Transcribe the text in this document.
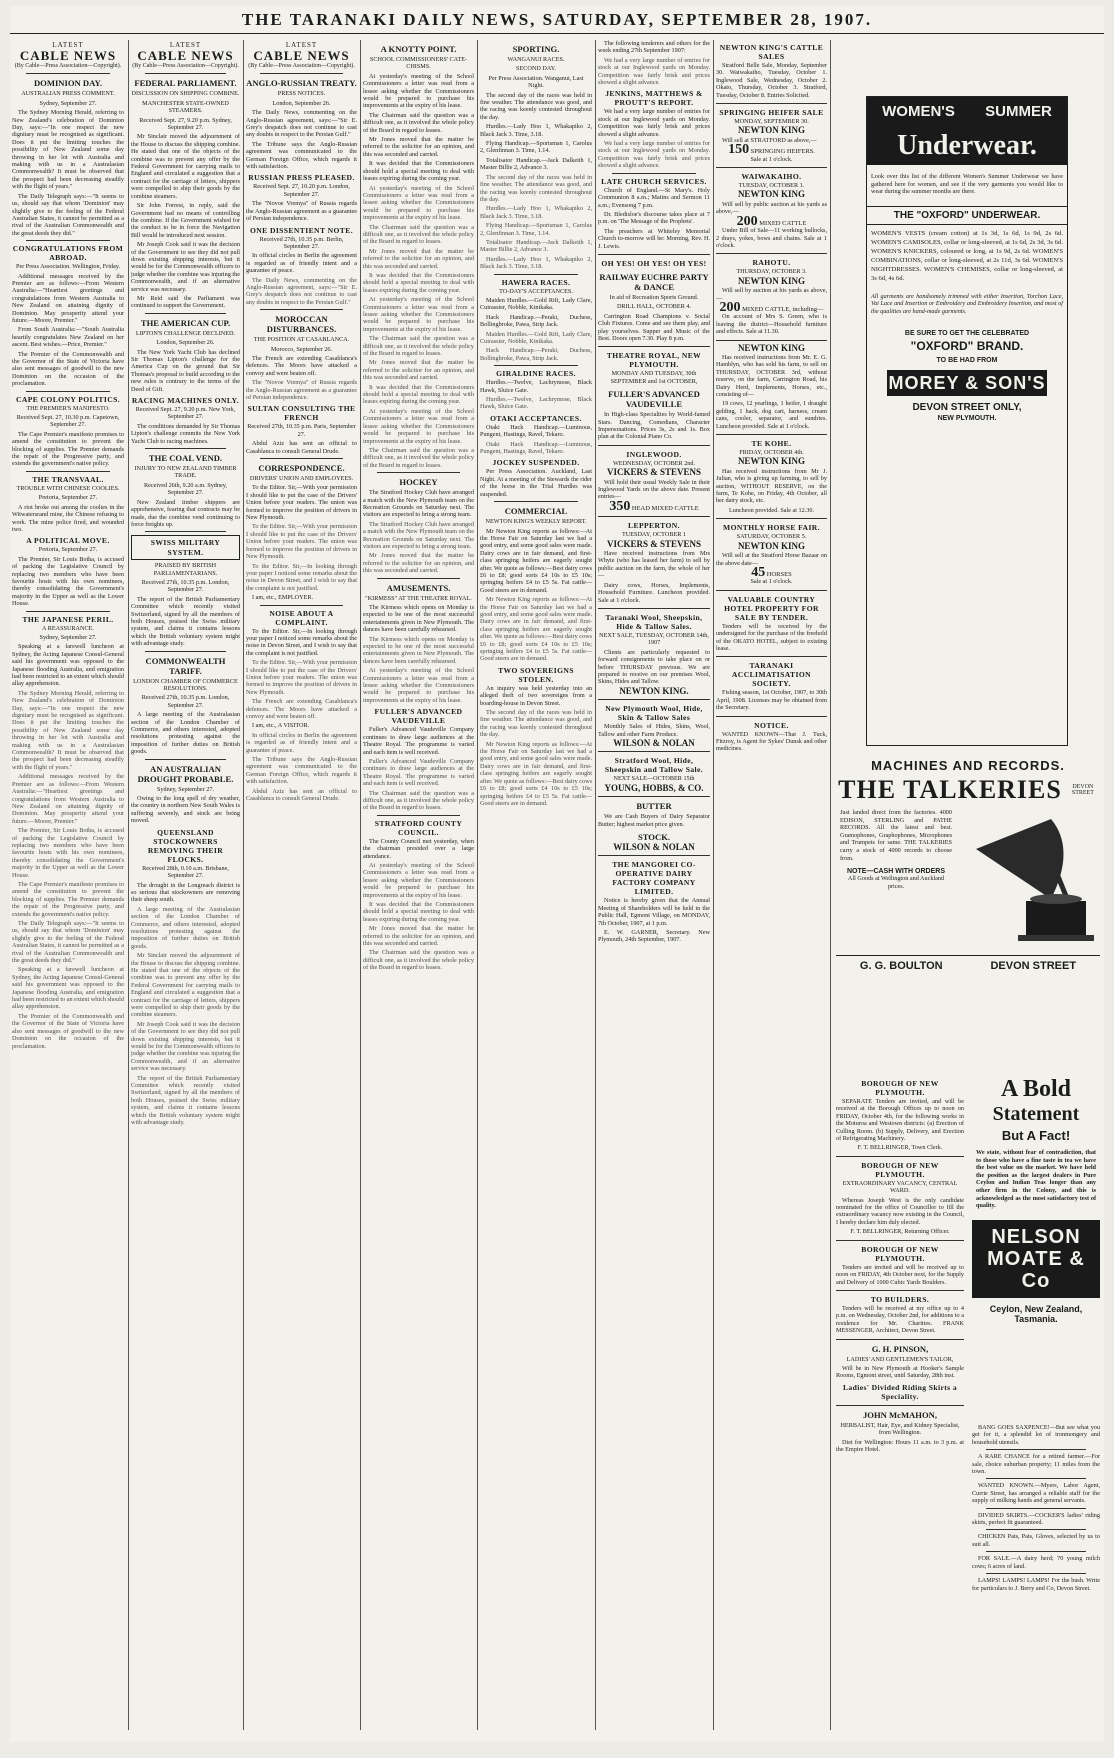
THE TARANAKI DAILY NEWS, SATURDAY, SEPTEMBER 28, 1907.
LATEST
CABLE NEWS
(By Cable—Press Association—Copyright).
DOMINION DAY.
AUSTRALIAN PRESS COMMENT.
Sydney, September 27.

The Sydney Morning Herald, referring to New Zealand's celebration of Dominion Day, says:—"In one respect the new dignitary must be recognised as significant. Does it put the limiting touches the possibility of New Zealand some day throwing in her lot with Australia and making with us in a Australasian Commonwealth? It must be observed that the prospect had been decreasing steadily with the flight of years."

The Daily Telegraph says:—"It seems to us, should say that whom 'Dominion' may slightly give to the feeling of the Federal Australian States, it cannot be permitted as a rival of the Australian Commonwealth and the great deeds they did."

CONGRATULATIONS FROM ABROAD.
Per Press Association. Wellington, Friday.

Additional messages received by the Premier are as follows:—From Western Australia:—"Heartiest greetings and congratulations from Western Australia to New Zealand on attaining dignity of Dominion. May prosperity attend your future.—Moore, Premier."

From South Australia:—"South Australia heartily congratulates New Zealand on her ascent. Best wishes.—Price, Premier."

The Premier of the Commonwealth and the Governor of the State of Victoria have also sent messages of goodwill to the new Dominion on the occasion of the proclamation.

CAPE COLONY POLITICS.
THE PREMIER'S MANIFESTO.
Received Sept. 27, 10.30 p.m. Capetown, September 27.

The Cape Premier's manifesto promises to amend the constitution to prevent the blocking of supplies. The Premier demands the repair of the Progressive party, and extends the government's native policy.

THE TRANSVAAL.
TROUBLE WITH CHINESE COOLIES.
Pretoria, September 27.

A riot broke out among the coolies in the Witwatersrand mine, the Chinese refusing to work. The mine police fired, and wounded two.

A POLITICAL MOVE.
Pretoria, September 27.

The Premier, Sir Louis Botha, is accused of packing the Legislative Council by replacing two members who have been favourite hosts with his own nominees, thereby consolidating the Government's majority in the Upper as well as the Lower House.

THE JAPANESE PERIL.
A REASSURANCE.
Sydney, September 27.

Speaking at a farewell luncheon at Sydney, the Acting Japanese Consul-General said his government was opposed to the Japanese flooding Australia, and emigration had been restricted to an extent which should allay apprehension.

The Sydney Morning Herald, referring to New Zealand's celebration of Dominion Day, says:—"In one respect the new dignitary must be recognised as significant. Does it put the limiting touches the possibility of New Zealand some day throwing in her lot with Australia and making with us in a Australasian Commonwealth? It must be observed that the prospect had been decreasing steadily with the flight of years."

Additional messages received by the Premier are as follows:—From Western Australia:—"Heartiest greetings and congratulations from Western Australia to New Zealand on attaining dignity of Dominion. May prosperity attend your future.—Moore, Premier."

The Premier, Sir Louis Botha, is accused of packing the Legislative Council by replacing two members who have been favourite hosts with his own nominees, thereby consolidating the Government's majority in the Upper as well as the Lower House.

The Cape Premier's manifesto promises to amend the constitution to prevent the blocking of supplies. The Premier demands the repair of the Progressive party, and extends the government's native policy.

The Daily Telegraph says:—"It seems to us, should say that whom 'Dominion' may slightly give to the feeling of the Federal Australian States, it cannot be permitted as a rival of the Australian Commonwealth and the great deeds they did."

Speaking at a farewell luncheon at Sydney, the Acting Japanese Consul-General said his government was opposed to the Japanese flooding Australia, and emigration had been restricted to an extent which should allay apprehension.

The Premier of the Commonwealth and the Governor of the State of Victoria have also sent messages of goodwill to the new Dominion on the occasion of the proclamation.

LATEST
CABLE NEWS
(By Cable—Press Association—Copyright).
FEDERAL PARLIAMENT.
DISCUSSION ON SHIPPING COMBINE.
MANCHESTER STATE-OWNED STEAMERS.
Received Sept. 27, 9.20 p.m. Sydney, September 27.

Mr Sinclair moved the adjournment of the House to discuss the shipping combine. He stated that one of the objects of the combine was to prevent any offer by the Federal Government for carrying mails to England and circulated a suggestion that a contract for the carriage of letters, shippers were compelled to ship their goods by the combine steamers.

Sir John Forrest, in reply, said the Government had no means of controlling the combine. If the Government wished for the conduct to be in force the Navigation Bill would be introduced next session.

Mr Joseph Cook said it was the decision of the Government to see they did not pull down existing shipping interests, but it would be for the Commonwealth officers to judge whether the combine was injuring the Commonwealth, and if an alternative service was necessary.

Mr Reid said the Parliament was continued to support the Government.

THE AMERICAN CUP.
LIPTON'S CHALLENGE DECLINED.
London, September 26.

The New York Yacht Club has declined Sir Thomas Lipton's challenge for the America Cup on the ground that Sir Thomas's proposal to build according to the new rules is contrary to the terms of the Deed of Gift.

RACING MACHINES ONLY.
Received Sept. 27, 9.20 p.m. New York, September 27.

The conditions demanded by Sir Thomas Lipton's challenge commits the New York Yacht Club to racing machines.

THE COAL VEND.
INJURY TO NEW ZEALAND TIMBER TRADE.
Received 26th, 9.20 a.m. Sydney, September 27.

New Zealand timber shippers are apprehensive, fearing that contracts may be made, due the combine vend continuing to force freights up.

SWISS MILITARY SYSTEM.
PRAISED BY BRITISH PARLIAMENTARIANS.
Received 27th, 10.35 p.m. London, September 27.

The report of the British Parliamentary Committee which recently visited Switzerland, signed by all the members of both Houses, praised the Swiss military system, and claims it contains lessons which the British voluntary system might with advantage study.

COMMONWEALTH TARIFF.
LONDON CHAMBER OF COMMERCE RESOLUTIONS.
Received 27th, 10.35 p.m. London, September 27.

A large meeting of the Australasian section of the London Chamber of Commerce, and others interested, adopted resolutions protesting against the imposition of further duties on British goods.

AN AUSTRALIAN DROUGHT PROBABLE.
Sydney, September 27.

Owing to the long spell of dry weather, the country in northern New South Wales is suffering severely, and stock are being moved.

QUEENSLAND STOCKOWNERS REMOVING THEIR FLOCKS.
Received 28th, 0.10 a.m. Brisbane, September 27.

The drought in the Longreach district is so serious that stockowners are removing their sheep south.

A large meeting of the Australasian section of the London Chamber of Commerce, and others interested, adopted resolutions protesting against the imposition of further duties on British goods.

Mr Sinclair moved the adjournment of the House to discuss the shipping combine. He stated that one of the objects of the combine was to prevent any offer by the Federal Government for carrying mails to England and circulated a suggestion that a contract for the carriage of letters, shippers were compelled to ship their goods by the combine steamers.

Mr Joseph Cook said it was the decision of the Government to see they did not pull down existing shipping interests, but it would be for the Commonwealth officers to judge whether the combine was injuring the Commonwealth, and if an alternative service was necessary.

The report of the British Parliamentary Committee which recently visited Switzerland, signed by all the members of both Houses, praised the Swiss military system, and claims it contains lessons which the British voluntary system might with advantage study.

LATEST
CABLE NEWS
(By Cable—Press Association—Copyright).
ANGLO-RUSSIAN TREATY.
PRESS NOTICES.
London, September 26.

The Daily News, commenting on the Anglo-Russian agreement, says:—"Sir E. Grey's despatch does not continue to cast any doubts in respect to the Persian Gulf."

The Tribune says the Anglo-Russian agreement was communicated to the German Foreign Office, which regards it with satisfaction.

RUSSIAN PRESS PLEASED.
Received Sept. 27, 10.20 p.m. London, September 27.

The "Novoe Vremya" of Russia regards the Anglo-Russian agreement as a guarantee of Persian independence.

ONE DISSENTIENT NOTE.
Received 27th, 10.35 p.m. Berlin, September 27.

In official circles in Berlin the agreement is regarded as of friendly intent and a guarantee of peace.

The Daily News, commenting on the Anglo-Russian agreement, says:—"Sir E. Grey's despatch does not continue to cast any doubts in respect to the Persian Gulf."

MOROCCAN DISTURBANCES.
THE POSITION AT CASABLANCA.
Morocco, September 26.

The French are extending Casablanca's defences. The Moors have attacked a convoy and were beaten off.

The "Novoe Vremya" of Russia regards the Anglo-Russian agreement as a guarantee of Persian independence.

SULTAN CONSULTING THE FRENCH
Received 27th, 10.35 p.m. Paris, September 27.

Abdul Aziz has sent an official to Casablanca to consult General Drude.

CORRESPONDENCE.
DRIVERS' UNION AND EMPLOYEES.

To the Editor. Sir,—With your permission I should like to put the case of the Drivers' Union before your readers. The union was formed to improve the position of drivers in New Plymouth.

To the Editor. Sir,—With your permission I should like to put the case of the Drivers' Union before your readers. The union was formed to improve the position of drivers in New Plymouth.

To the Editor. Sir,—In looking through your paper I noticed some remarks about the noise in Devon Street, and I wish to say that the complaint is not justified.

I am, etc., EMPLOYER.

NOISE ABOUT A COMPLAINT.

To the Editor. Sir,—In looking through your paper I noticed some remarks about the noise in Devon Street, and I wish to say that the complaint is not justified.

To the Editor. Sir,—With your permission I should like to put the case of the Drivers' Union before your readers. The union was formed to improve the position of drivers in New Plymouth.

The French are extending Casablanca's defences. The Moors have attacked a convoy and were beaten off.

I am, etc., A VISITOR.

In official circles in Berlin the agreement is regarded as of friendly intent and a guarantee of peace.

The Tribune says the Anglo-Russian agreement was communicated to the German Foreign Office, which regards it with satisfaction.

Abdul Aziz has sent an official to Casablanca to consult General Drude.

A KNOTTY POINT.
SCHOOL COMMISSIONERS' CATE-CHISMS.

At yesterday's meeting of the School Commissioners a letter was read from a lessee asking whether the Commissioners would be prepared to purchase his improvements at the expiry of his lease.

The Chairman said the question was a difficult one, as it involved the whole policy of the Board in regard to leases.

Mr Jones moved that the matter be referred to the solicitor for an opinion, and this was seconded and carried.

It was decided that the Commissioners should hold a special meeting to deal with leases expiring during the coming year.

At yesterday's meeting of the School Commissioners a letter was read from a lessee asking whether the Commissioners would be prepared to purchase his improvements at the expiry of his lease.

The Chairman said the question was a difficult one, as it involved the whole policy of the Board in regard to leases.

Mr Jones moved that the matter be referred to the solicitor for an opinion, and this was seconded and carried.

It was decided that the Commissioners should hold a special meeting to deal with leases expiring during the coming year.

At yesterday's meeting of the School Commissioners a letter was read from a lessee asking whether the Commissioners would be prepared to purchase his improvements at the expiry of his lease.

The Chairman said the question was a difficult one, as it involved the whole policy of the Board in regard to leases.

Mr Jones moved that the matter be referred to the solicitor for an opinion, and this was seconded and carried.

It was decided that the Commissioners should hold a special meeting to deal with leases expiring during the coming year.

At yesterday's meeting of the School Commissioners a letter was read from a lessee asking whether the Commissioners would be prepared to purchase his improvements at the expiry of his lease.

The Chairman said the question was a difficult one, as it involved the whole policy of the Board in regard to leases.

HOCKEY

The Stratford Hockey Club have arranged a match with the New Plymouth team on the Recreation Grounds on Saturday next. The visitors are expected to bring a strong team.

The Stratford Hockey Club have arranged a match with the New Plymouth team on the Recreation Grounds on Saturday next. The visitors are expected to bring a strong team.

Mr Jones moved that the matter be referred to the solicitor for an opinion, and this was seconded and carried.

AMUSEMENTS.
"KIRMESS" AT THE THEATRE ROYAL.

The Kirmess which opens on Monday is expected to be one of the most successful entertainments given in New Plymouth. The dances have been carefully rehearsed.

The Kirmess which opens on Monday is expected to be one of the most successful entertainments given in New Plymouth. The dances have been carefully rehearsed.

At yesterday's meeting of the School Commissioners a letter was read from a lessee asking whether the Commissioners would be prepared to purchase his improvements at the expiry of his lease.

FULLER'S ADVANCED VAUDEVILLE

Fuller's Advanced Vaudeville Company continues to draw large audiences at the Theatre Royal. The programme is varied and each item is well received.

Fuller's Advanced Vaudeville Company continues to draw large audiences at the Theatre Royal. The programme is varied and each item is well received.

The Chairman said the question was a difficult one, as it involved the whole policy of the Board in regard to leases.

STRATFORD COUNTY COUNCIL.

The County Council met yesterday, when the chairman presided over a large attendance.

At yesterday's meeting of the School Commissioners a letter was read from a lessee asking whether the Commissioners would be prepared to purchase his improvements at the expiry of his lease.

It was decided that the Commissioners should hold a special meeting to deal with leases expiring during the coming year.

Mr Jones moved that the matter be referred to the solicitor for an opinion, and this was seconded and carried.

The Chairman said the question was a difficult one, as it involved the whole policy of the Board in regard to leases.

SPORTING.
WANGANUI RACES.
SECOND DAY.
Per Press Association. Wanganui, Last Night.

The second day of the races was held in fine weather. The attendance was good, and the racing was keenly contested throughout the day.

Hurdles.—Lady Hoo 1, Whakapiko 2, Black Jack 3. Time, 3.18.

Flying Handicap.—Sportsman 1, Carolus 2, Glenfinnan 3. Time, 1.14.

Totalisator Handicap.—Jack Dalkeith 1, Master Billie 2, Advance 3.

The second day of the races was held in fine weather. The attendance was good, and the racing was keenly contested throughout the day.

Hurdles.—Lady Hoo 1, Whakapiko 2, Black Jack 3. Time, 3.18.

Flying Handicap.—Sportsman 1, Carolus 2, Glenfinnan 3. Time, 1.14.

Totalisator Handicap.—Jack Dalkeith 1, Master Billie 2, Advance 3.

Hurdles.—Lady Hoo 1, Whakapiko 2, Black Jack 3. Time, 3.18.

HAWERA RACES.
TO-DAY'S ACCEPTANCES.

Maiden Hurdles.—Gold Rift, Lady Clare, Cuirassier, Nobble, Kinikaka.

Hack Handicap.—Peraki, Duchess, Bollingbroke, Pawa, Strip Jack.

Maiden Hurdles.—Gold Rift, Lady Clare, Cuirassier, Nobble, Kinikaka.

Hack Handicap.—Peraki, Duchess, Bollingbroke, Pawa, Strip Jack.

GIRALDINE RACES.

Hurdles.—Twelve, Lachrymose, Black Hawk, Sluice Gate.

Hurdles.—Twelve, Lachrymose, Black Hawk, Sluice Gate.

OTAKI ACCEPTANCES.

Otaki Hack Handicap.—Luminous, Pungent, Hastings, Ravel, Tekaro.

Otaki Hack Handicap.—Luminous, Pungent, Hastings, Ravel, Tekaro.

JOCKEY SUSPENDED.

Per Press Association. Auckland, Last Night. At a meeting of the Stewards the rider of the horse in the Trial Hurdles was suspended.

COMMERCIAL
NEWTON KING'S WEEKLY REPORT.

Mr Newton King reports as follows:—At the Horse Fair on Saturday last we had a good entry, and some good sales were made. Dairy cows are in fair demand, and first-class springing heifers are eagerly sought after. We quote as follows:—Best dairy cows £6 to £8; good sorts £4 10s to £5 10s; springing heifers £4 to £5 5s. Fat cattle—Good steers are in demand.

Mr Newton King reports as follows:—At the Horse Fair on Saturday last we had a good entry, and some good sales were made. Dairy cows are in fair demand, and first-class springing heifers are eagerly sought after. We quote as follows:—Best dairy cows £6 to £8; good sorts £4 10s to £5 10s; springing heifers £4 to £5 5s. Fat cattle—Good steers are in demand.

TWO SOVEREIGNS STOLEN.

An inquiry was held yesterday into an alleged theft of two sovereigns from a boarding-house in Devon Street.

The second day of the races was held in fine weather. The attendance was good, and the racing was keenly contested throughout the day.

Mr Newton King reports as follows:—At the Horse Fair on Saturday last we had a good entry, and some good sales were made. Dairy cows are in fair demand, and first-class springing heifers are eagerly sought after. We quote as follows:—Best dairy cows £6 to £8; good sorts £4 10s to £5 10s; springing heifers £4 to £5 5s. Fat cattle—Good steers are in demand.

The following tenderers and others for the week ending 27th September 1907:

We had a very large number of entries for stock at our Inglewood yards on Monday. Competition was fairly brisk and prices showed a slight advance.

JENKINS, MATTHEWS & PROUTT'S REPORT.

We had a very large number of entries for stock at our Inglewood yards on Monday. Competition was fairly brisk and prices showed a slight advance.

We had a very large number of entries for stock at our Inglewood yards on Monday. Competition was fairly brisk and prices showed a slight advance.

LATE CHURCH SERVICES.

Church of England.—St Mary's. Holy Communion 8 a.m.; Matins and Sermon 11 a.m.; Evensong 7 p.m.

Dr. Bledisloe's discourse takes place at 7 p.m. on 'The Message of the Prophets'.

The preachers at Whiteley Memorial Church to-morrow will be: Morning, Rev. H. J. Lewis.

OH YES! OH YES! OH YES!
RAILWAY EUCHRE PARTY & DANCE
In aid of Recreation Sports Ground.
DRILL HALL, OCTOBER 4.

Carrington Road Champions v. Social Club Fixtures. Come and see them play, and play yourselves. Supper and Music of the Best. Doors open 7.30. Play 8 p.m.

THEATRE ROYAL, NEW PLYMOUTH.
MONDAY AND TUESDAY, 30th SEPTEMBER and 1st OCTOBER,
FULLER'S ADVANCED VAUDEVILLE

In High-class Specialties by World-famed Stars. Dancing, Comedians, Character Impersonations. Prices 3s, 2s and 1s. Box plan at the Colonial Piano Co.

INGLEWOOD.
WEDNESDAY, OCTOBER 2nd.
VICKERS & STEVENS

Will hold their usual Weekly Sale in their Inglewood Yards on the above date. Present entries—

350 HEAD MIXED CATTLE
LEPPERTON.
TUESDAY, OCTOBER 1
VICKERS & STEVENS

Have received instructions from Mrs Whyte (who has leased her farm) to sell by public auction on the farm, the whole of her—

Dairy cows, Horses, Implements, Household Furniture. Luncheon provided. Sale at 1 o'clock.

Taranaki Wool, Sheepskin, Hide & Tallow Sales.
NEXT SALE, TUESDAY, OCTOBER 14th, 1907

Clients are particularly requested to forward consignments to take place on or before THURSDAY previous. We are prepared to receive on our premises Wool, Skins, Hides and Tallow.

NEWTON KING.
New Plymouth Wool, Hide, Skin & Tallow Sales

Monthly Sales of Hides, Skins, Wool, Tallow and other Farm Produce.

WILSON & NOLAN
Stratford Wool, Hide, Sheepskin and Tallow Sale.
NEXT SALE—OCTOBER 15th
YOUNG, HOBBS, & CO.
BUTTER

We are Cash Buyers of Dairy Separator Butter; highest market price given.

STOCK.
WILSON & NOLAN
THE MANGOREI CO-OPERATIVE DAIRY FACTORY COMPANY LIMITED.

Notice is hereby given that the Annual Meeting of Shareholders will be held in the Public Hall, Egmont Village, on MONDAY, 7th October, 1907, at 1 p.m.

E. W. GARNER, Secretary. New Plymouth, 24th September, 1907.

NEWTON KING'S CATTLE SALES

Stratford Belle Sale, Monday, September 30. Waiwakaiho, Tuesday, October 1. Inglewood Sale, Wednesday, October 2. Okato, Thursday, October 3. Stratford, Tuesday, October 8. Entries Solicited.

SPRINGING HEIFER SALE
MONDAY, SEPTEMBER 30.
NEWTON KING

Will sell at STRATFORD as above,—

150 SPRINGING HEIFERS.
Sale at 1 o'clock.
WAIWAKAIHO.
TUESDAY, OCTOBER 1.
NEWTON KING

Will sell by public auction at his yards as above,—

200 MIXED CATTLE

Under Bill of Sale—11 working bullocks, 2 drays, yokes, bows and chains. Sale at 1 o'clock.

RAHOTU.
THURSDAY, OCTOBER 3.
NEWTON KING

Will sell by auction at his yards as above,—

200 MIXED CATTLE, including—

On account of Mrs S. Green, who is leaving the district—Household furniture and effects. Sale at 11.30.

NEWTON KING

Has received instructions from Mr. E. G. Hamblyn, who has sold his farm, to sell on THURSDAY, OCTOBER 3rd, without reserve, on the farm, Carrington Road, his Dairy Herd, Implements, Horses, etc., consisting of—

19 cows, 12 yearlings, 1 heifer, 1 draught gelding, 1 hack, dog cart, harness, cream cans, cooler, separator, and sundries. Luncheon provided. Sale at 1 o'clock.

TE KOHE.
FRIDAY, OCTOBER 4th.
NEWTON KING

Has received instructions from Mr J. Julian, who is giving up farming, to sell by auction, WITHOUT RESERVE, on the farm, Te Kohe, on Friday, 4th October, all her dairy stock, etc.

Luncheon provided. Sale at 12.30.
MONTHLY HORSE FAIR.
SATURDAY, OCTOBER 5.
NEWTON KING

Will sell at the Stratford Horse Bazaar on the above date—

45 HORSES
Sale at 1 o'clock.
VALUABLE COUNTRY HOTEL PROPERTY FOR SALE BY TENDER.

Tenders will be received by the undersigned for the purchase of the freehold of the OKATO HOTEL, subject to existing lease.

TARANAKI ACCLIMATISATION SOCIETY.

Fishing season, 1st October, 1907, to 30th April, 1908. Licenses may be obtained from the Secretary.

NOTICE.

WANTED KNOWN—That J. Tuck, Fitzroy, is Agent for Sykes' Dunsk and other medicines.

WOMEN'S SUMMER
Underwear.
Look over this list of the different Women's Summer Underwear we have gathered here for women, and see if the very garments you would like to wear during the summer months are there.
THE "OXFORD" UNDERWEAR.
WOMEN'S VESTS (cream cotton) at 1s 3d, 1s 6d, 1s 9d, 2s 6d. WOMEN'S CAMISOLES, collar or long-sleeved, at 1s 6d, 2s 3d, 3s 6d. WOMEN'S KNICKERS, coloured or long, at 1s 9d, 2s 6d. WOMEN'S COMBINATIONS, collar or long-sleeved, at 2s 11d, 3s 6d. WOMEN'S NIGHTDRESSES. WOMEN'S CHEMISES, collar or long-sleeved, at 3s 6d, 4s 6d.
All garments are handsomely trimmed with either Insertion, Torchon Lace, Vai Lace and Insertion or Embroidery and Embroidery Insertion, and most of the qualities are hand-made garments.
BE SURE TO GET THE CELEBRATED
"OXFORD" BRAND.
TO BE HAD FROM
MOREY & SON'S
DEVON STREET ONLY,
NEW PLYMOUTH.
MACHINES AND RECORDS.
THE TALKERIES	DEVON STREET
Just landed direct from the factories. 4000 EDISON, STERLING and PATHE RECORDS. All the latest and best. Gramophones, Graphophones, Microphones and Trumpets for same. THE TALKERIES carry a stock of 4000 records to choose from.
NOTE—CASH WITH ORDERS
All Goods at Wellington and Auckland prices.
G. G. BOULTON	DEVON STREET
BOROUGH OF NEW PLYMOUTH.

SEPARATE Tenders are invited, and will be received at the Borough Offices up to noon on FRIDAY, October 4th, for the following works in the Moturoa and Westown districts: (a) Erection of Culling Room. (b) Supply, Delivery, and Erection of Refrigerating Machinery.

F. T. BELLRINGER, Town Clerk.
BOROUGH OF NEW PLYMOUTH.
EXTRAORDINARY VACANCY, CENTRAL WARD.

Whereas Joseph West is the only candidate nominated for the office of Councillor to fill the extraordinary vacancy now existing in the Council, I hereby declare him duly elected.

F. T. BELLRINGER, Returning Officer.
BOROUGH OF NEW PLYMOUTH.

Tenders are invited and will be received up to noon on FRIDAY, 4th October next, for the Supply and Delivery of 1000 Cubic Yards Boulders.

TO BUILDERS.

Tenders will be received at my office up to 4 p.m. on Wednesday, October 2nd, for additions to a residence for Mr. Charities. FRANK MESSENGER, Architect, Devon Street.

G. H. PINSON,
LADIES' AND GENTLEMEN'S TAILOR,

Will be in New Plymouth at Hooker's Sample Rooms, Egmont street, until Saturday, 28th inst.

Ladies' Divided Riding Skirts a Speciality.
JOHN McMAHON,
HERBALIST, Hair, Eye, and Kidney Specialist, from Wellington.

Diet for Wellington: Hours 11 a.m. to 3 p.m. at the Empire Hotel.

A Bold
Statement
But A Fact!
We state, without fear of contradiction, that to those who have a fine taste in tea we have the best value on the market. We have held the position as the largest dealers in Pure Ceylon and Indian Teas longer than any other firm in the Colony, and this is acknowledged as the most satisfactory test of quality.
NELSON MOATE & Co
Ceylon, New Zealand,
Tasmania.

BANG GOES SAXPENCE!—But see what you get for it, a splendid lot of ironmongery and household utensils.

A RARE CHANCE for a retired farmer.—For sale, choice suburban property; 11 miles from the town.

WANTED KNOWN.—Myers, Labor Agent, Currie Street, has arranged a reliable staff for the supply of milking hands and general servants.

DIVIDED SKIRTS.—COCKER'S ladies' riding skirts, perfect fit guaranteed.

CHICKEN Pats, Pats, Gloves, selected by us to suit all.

FOR SALE.—A dairy herd; 70 young milch cows; 6 acres of land.

LAMPS! LAMPS! LAMPS! For the bush. Write for particulars to J. Berry and Co, Devon Street.
